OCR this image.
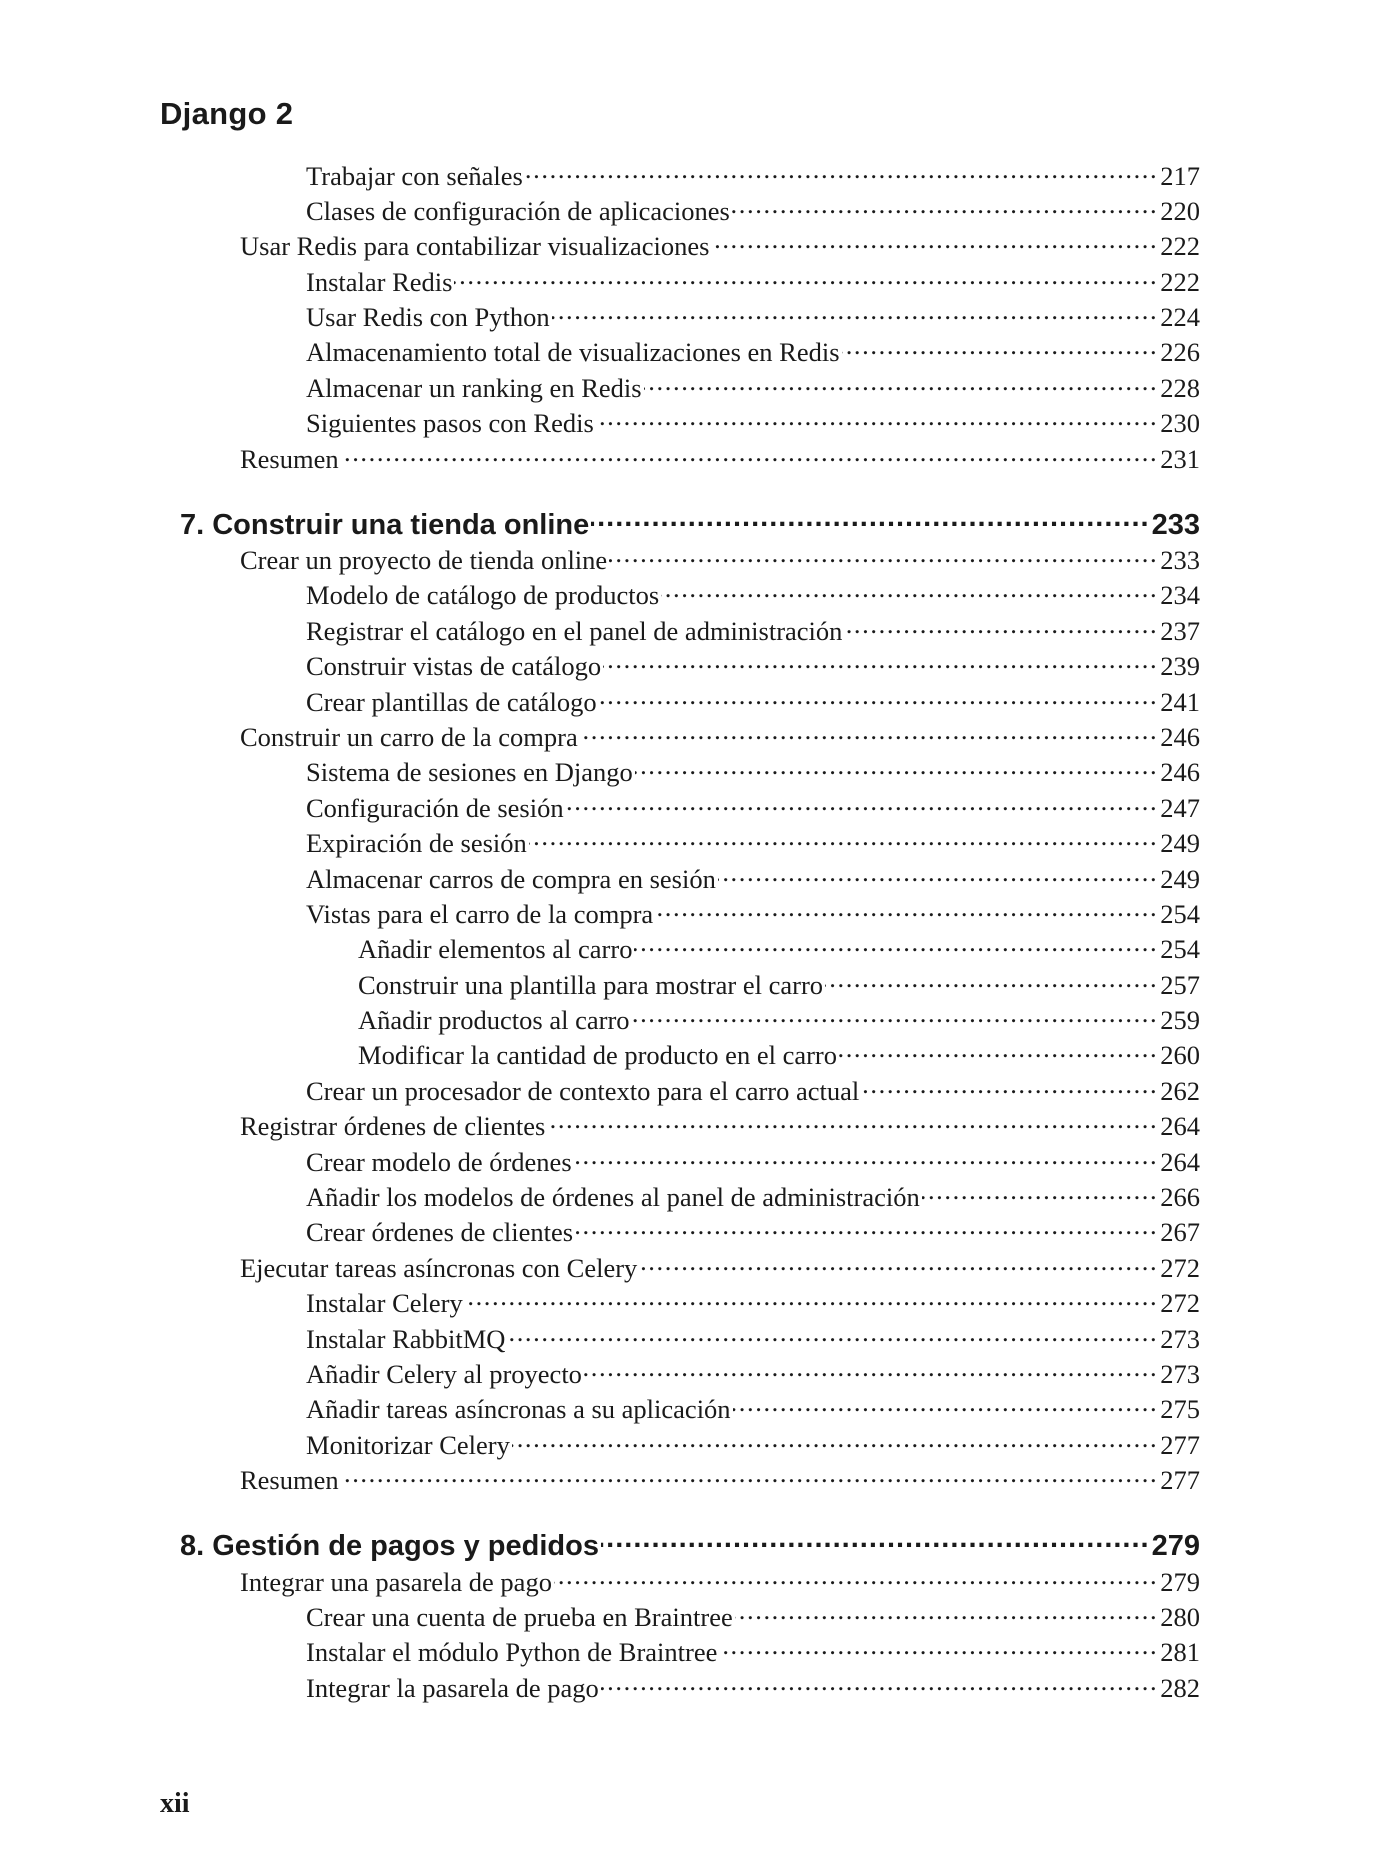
Django 2
Trabajar con señales .....	217
Clases de configuración de aplicaciones .....	220
Usar Redis para contabilizar visualizaciones .....	222
Instalar Redis .....	222
Usar Redis con Python .....	224
Almacenamiento total de visualizaciones en Redis .....	226
Almacenar un ranking en Redis .....	228
Siguientes pasos con Redis .....	230
Resumen .....	231
7. Construir una tienda online .....	233
Crear un proyecto de tienda online .....	233
Modelo de catálogo de productos .....	234
Registrar el catálogo en el panel de administración .....	237
Construir vistas de catálogo .....	239
Crear plantillas de catálogo .....	241
Construir un carro de la compra .....	246
Sistema de sesiones en Django .....	246
Configuración de sesión .....	247
Expiración de sesión .....	249
Almacenar carros de compra en sesión .....	249
Vistas para el carro de la compra .....	254
Añadir elementos al carro .....	254
Construir una plantilla para mostrar el carro .....	257
Añadir productos al carro .....	259
Modificar la cantidad de producto en el carro .....	260
Crear un procesador de contexto para el carro actual .....	262
Registrar órdenes de clientes .....	264
Crear modelo de órdenes .....	264
Añadir los modelos de órdenes al panel de administración .....	266
Crear órdenes de clientes .....	267
Ejecutar tareas asíncronas con Celery .....	272
Instalar Celery .....	272
Instalar RabbitMQ .....	273
Añadir Celery al proyecto .....	273
Añadir tareas asíncronas a su aplicación .....	275
Monitorizar Celery .....	277
Resumen .....	277
8. Gestión de pagos y pedidos .....	279
Integrar una pasarela de pago .....	279
Crear una cuenta de prueba en Braintree .....	280
Instalar el módulo Python de Braintree .....	281
Integrar la pasarela de pago .....	282
xii
